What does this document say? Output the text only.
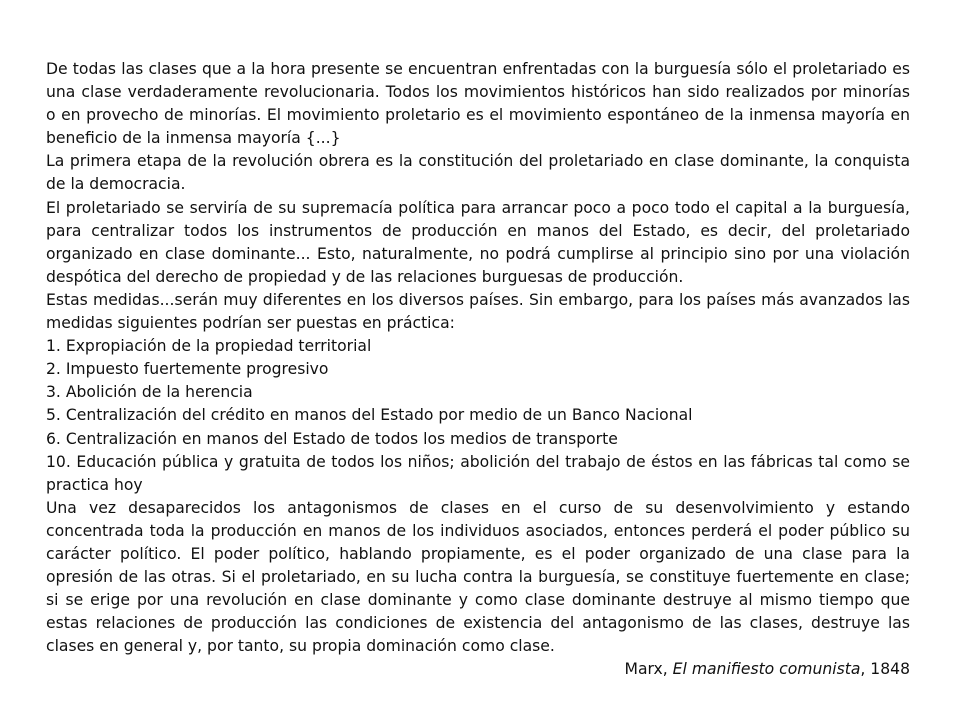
De todas las clases que a la hora presente se encuentran enfrentadas con la burguesía sólo el proletariado es una clase verdaderamente revolucionaria. Todos los movimientos históricos han sido realizados por minorías o en provecho de minorías. El movimiento proletario es el movimiento espontáneo de la inmensa mayoría en beneficio de la inmensa mayoría {...}

La primera etapa de la revolución obrera es la constitución del proletariado en clase dominante, la conquista de la democracia.

El proletariado se serviría de su supremacía política para arrancar poco a poco todo el capital a la burguesía, para centralizar todos los instrumentos de producción en manos del Estado, es decir, del proletariado organizado en clase dominante... Esto, naturalmente, no podrá cumplirse al principio sino por una violación despótica del derecho de propiedad y de las relaciones burguesas de producción.

Estas medidas...serán muy diferentes en los diversos países. Sin embargo, para los países más avanzados las medidas siguientes podrían ser puestas en práctica:

1. Expropiación de la propiedad territorial

2. Impuesto fuertemente progresivo

3. Abolición de la herencia

5. Centralización del crédito en manos del Estado por medio de un Banco Nacional

6. Centralización en manos del Estado de todos los medios de transporte

10. Educación pública y gratuita de todos los niños; abolición del trabajo de éstos en las fábricas tal como se practica hoy

Una vez desaparecidos los antagonismos de clases en el curso de su desenvolvimiento y estando concentrada toda la producción en manos de los individuos asociados, entonces perderá el poder público su carácter político. El poder político, hablando propiamente, es el poder organizado de una clase para la opresión de las otras. Si el proletariado, en su lucha contra la burguesía, se constituye fuertemente en clase; si se erige por una revolución en clase dominante y como clase dominante destruye al mismo tiempo que estas relaciones de producción las condiciones de existencia del antagonismo de las clases, destruye las clases en general y, por tanto, su propia dominación como clase.

Marx, El manifiesto comunista, 1848
